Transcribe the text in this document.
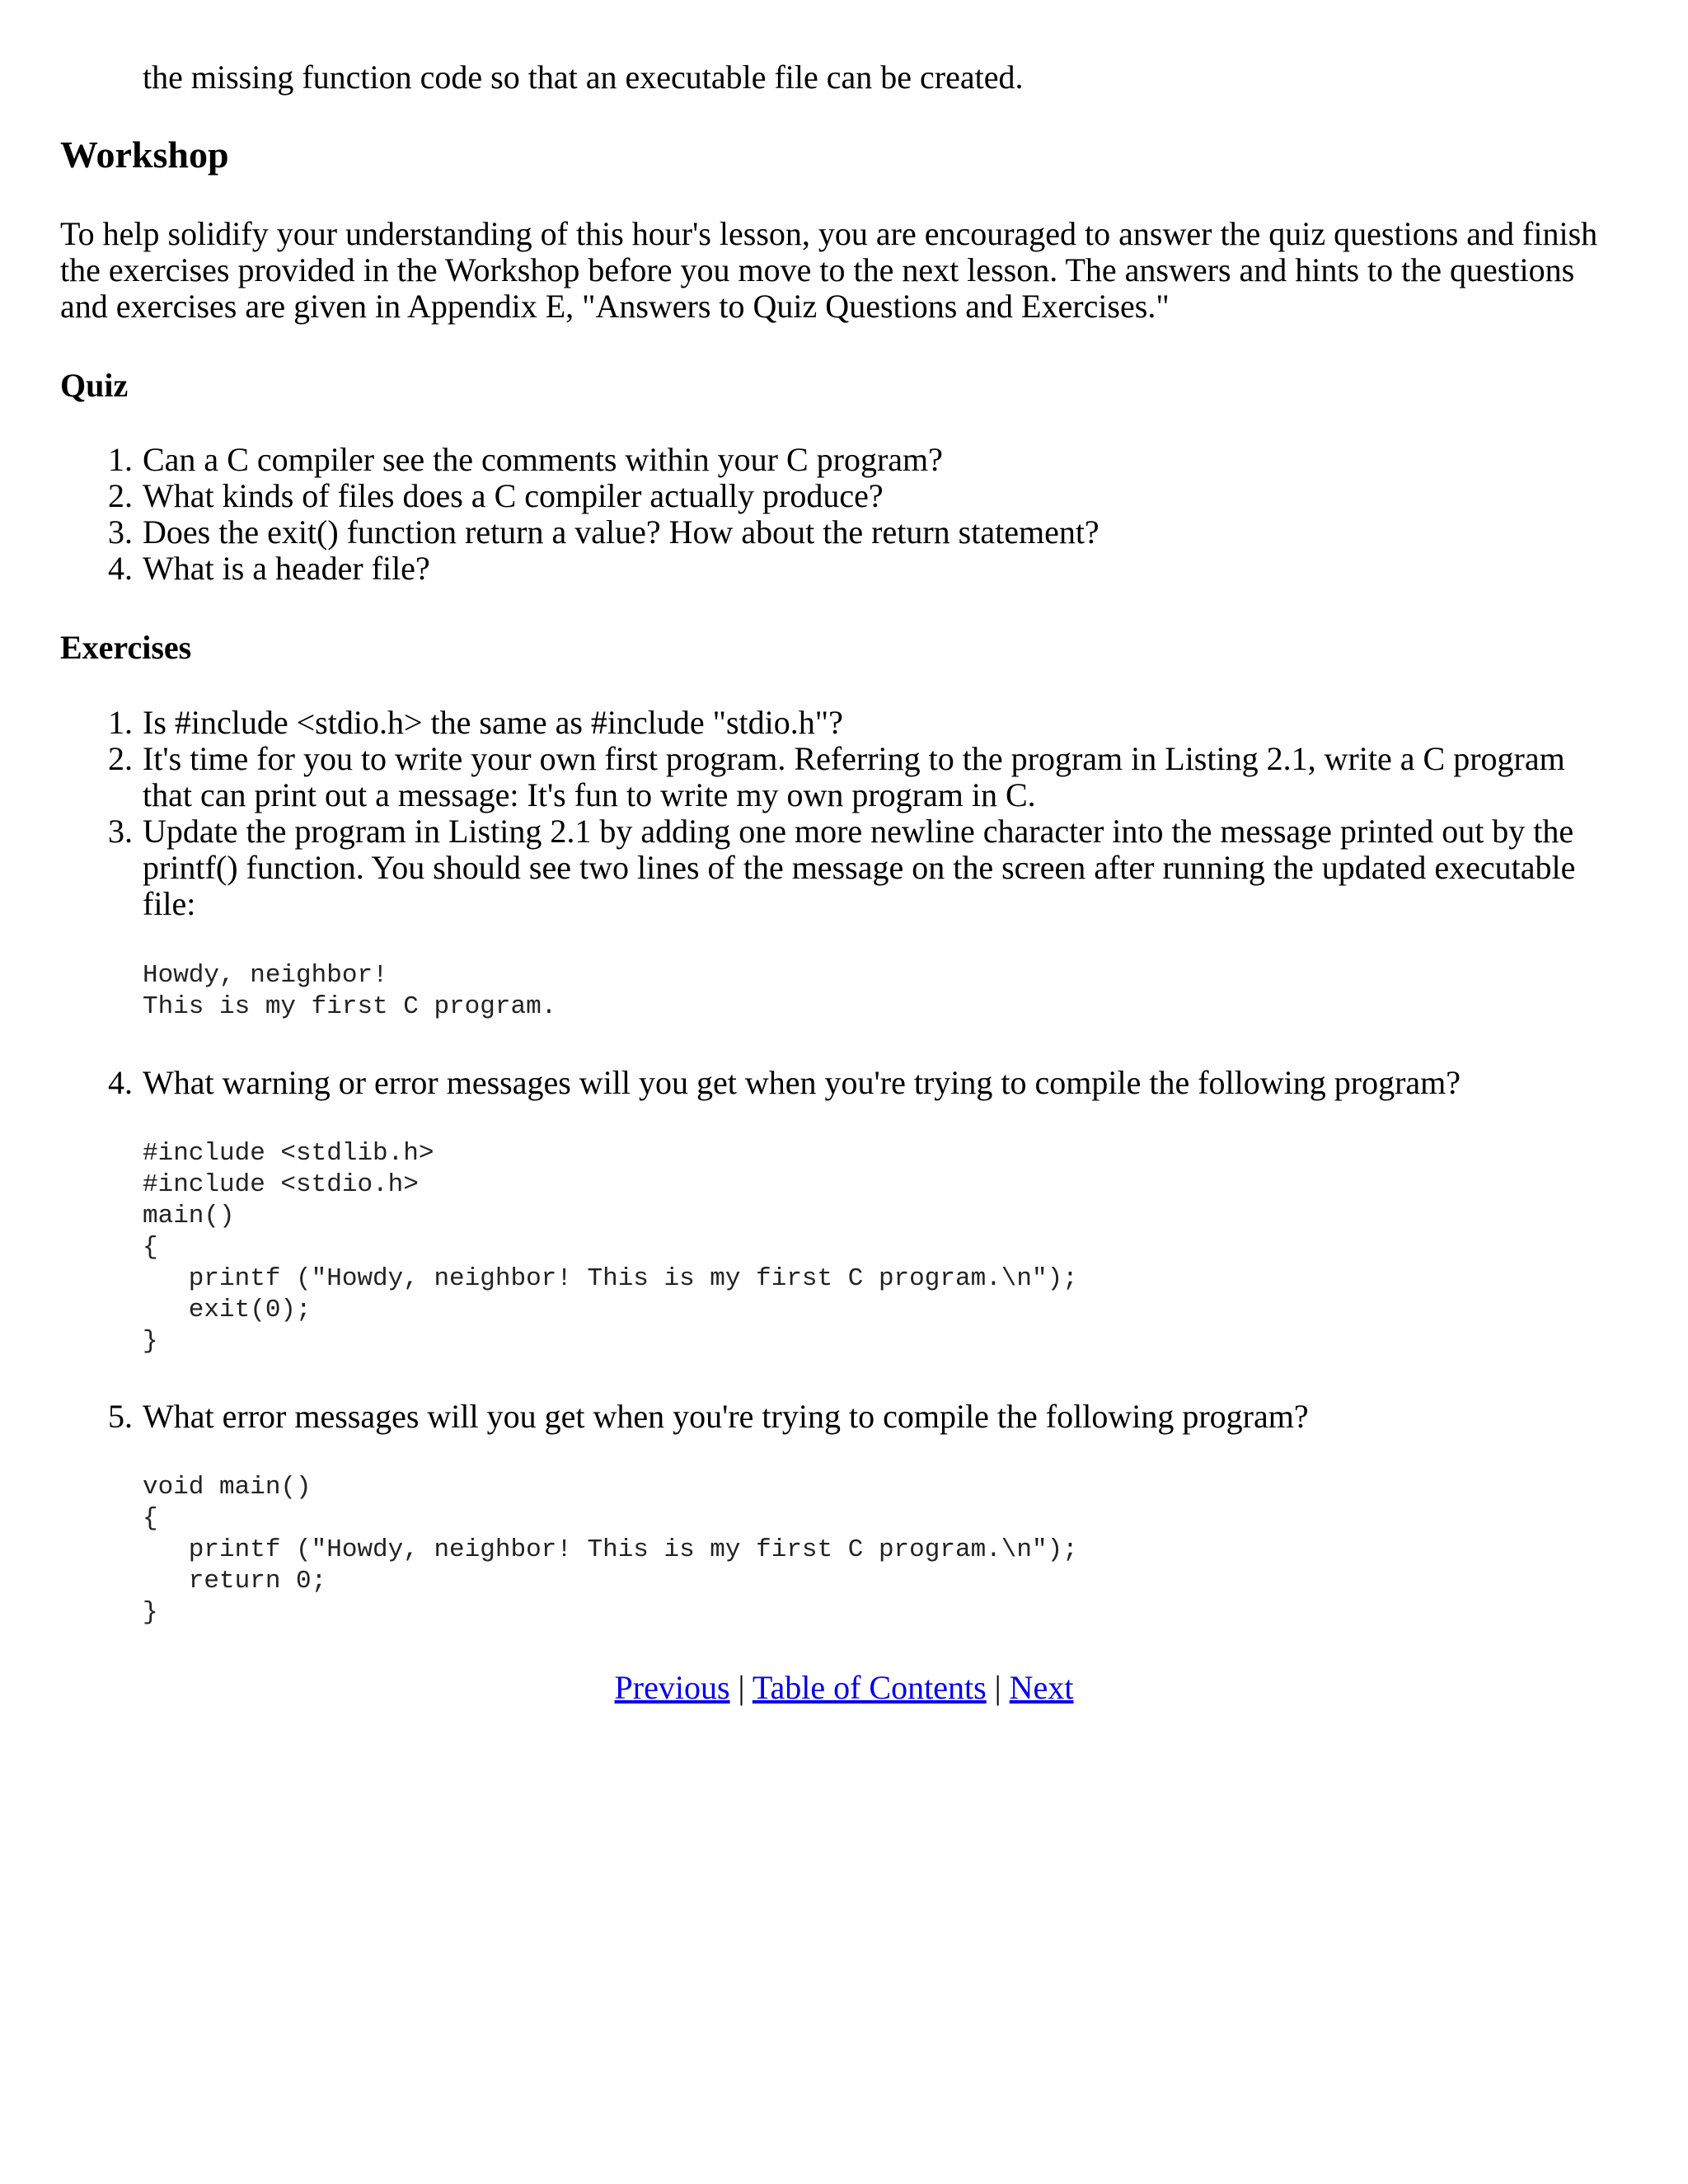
the missing function code so that an executable file can be created.

Workshop

To help solidify your understanding of this hour's lesson, you are encouraged to answer the quiz questions and finish the exercises provided in the Workshop before you move to the next lesson. The answers and hints to the questions and exercises are given in Appendix E, "Answers to Quiz Questions and Exercises."

Quiz
1. Can a C compiler see the comments within your C program?
2. What kinds of files does a C compiler actually produce?
3. Does the exit() function return a value? How about the return statement?
4. What is a header file?
Exercises
1. Is #include <stdio.h> the same as #include "stdio.h"?
2. It's time for you to write your own first program. Referring to the program in Listing 2.1, write a C program that can print out a message: It's fun to write my own program in C.
3. Update the program in Listing 2.1 by adding one more newline character into the message printed out by the printf() function. You should see two lines of the message on the screen after running the updated executable file:
Howdy, neighbor!
This is my first C program.
4. What warning or error messages will you get when you're trying to compile the following program?
#include <stdlib.h>
#include <stdio.h>
main()
{
printf ("Howdy, neighbor! This is my first C program.\n");
exit(0);
}
5. What error messages will you get when you're trying to compile the following program?
void main()
{
printf ("Howdy, neighbor! This is my first C program.\n");
return 0;
}
Previous | Table of Contents | Next
